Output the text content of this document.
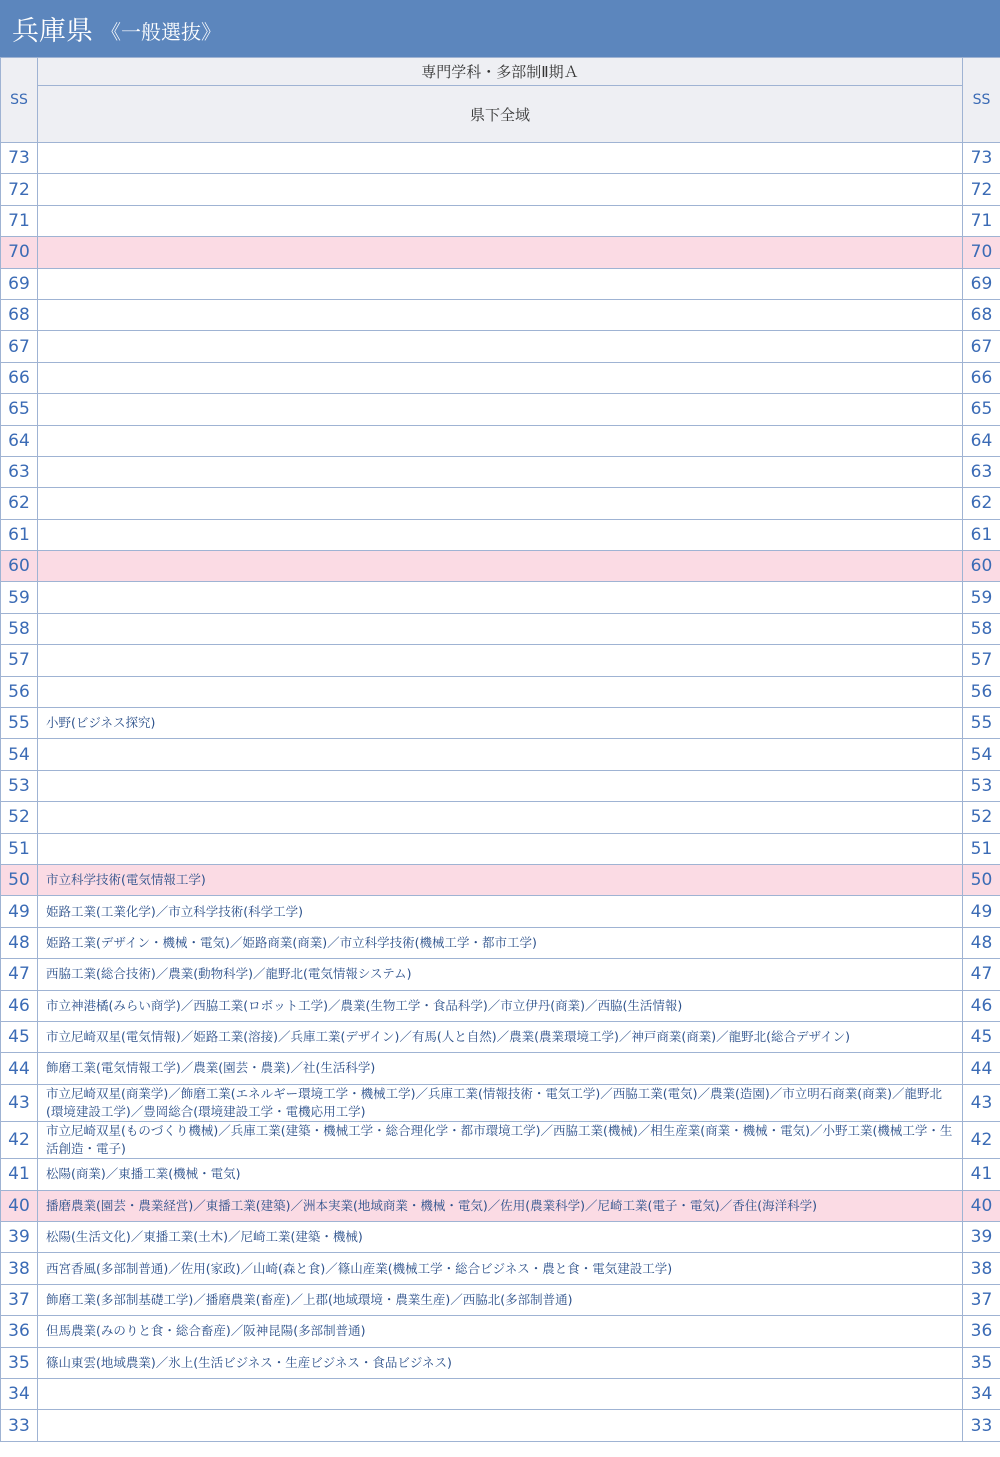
兵庫県 《一般選抜》
SS	専門学科・多部制Ⅱ期Ａ	SS
	県下全域	
73		73
72		72
71		71
70		70
69		69
68		68
67		67
66		66
65		65
64		64
63		63
62		62
61		61
60		60
59		59
58		58
57		57
56		56
55	小野(ビジネス探究)	55
54		54
53		53
52		52
51		51
50	市立科学技術(電気情報工学)	50
49	姫路工業(工業化学)／市立科学技術(科学工学)	49
48	姫路工業(デザイン・機械・電気)／姫路商業(商業)／市立科学技術(機械工学・都市工学)	48
47	西脇工業(総合技術)／農業(動物科学)／龍野北(電気情報システム)	47
46	市立神港橘(みらい商学)／西脇工業(ロボット工学)／農業(生物工学・食品科学)／市立伊丹(商業)／西脇(生活情報)	46
45	市立尼崎双星(電気情報)／姫路工業(溶接)／兵庫工業(デザイン)／有馬(人と自然)／農業(農業環境工学)／神戸商業(商業)／龍野北(総合デザイン)	45
44	飾磨工業(電気情報工学)／農業(園芸・農業)／社(生活科学)	44
43	市立尼崎双星(商業学)／飾磨工業(エネルギー環境工学・機械工学)／兵庫工業(情報技術・電気工学)／西脇工業(電気)／農業(造園)／市立明石商業(商業)／龍野北(環境建設工学)／豊岡総合(環境建設工学・電機応用工学)	43
42	市立尼崎双星(ものづくり機械)／兵庫工業(建築・機械工学・総合理化学・都市環境工学)／西脇工業(機械)／相生産業(商業・機械・電気)／小野工業(機械工学・生活創造・電子)	42
41	松陽(商業)／東播工業(機械・電気)	41
40	播磨農業(園芸・農業経営)／東播工業(建築)／洲本実業(地域商業・機械・電気)／佐用(農業科学)／尼崎工業(電子・電気)／香住(海洋科学)	40
39	松陽(生活文化)／東播工業(土木)／尼崎工業(建築・機械)	39
38	西宮香風(多部制普通)／佐用(家政)／山崎(森と食)／篠山産業(機械工学・総合ビジネス・農と食・電気建設工学)	38
37	飾磨工業(多部制基礎工学)／播磨農業(畜産)／上郡(地域環境・農業生産)／西脇北(多部制普通)	37
36	但馬農業(みのりと食・総合畜産)／阪神昆陽(多部制普通)	36
35	篠山東雲(地域農業)／氷上(生活ビジネス・生産ビジネス・食品ビジネス)	35
34		34
33		33
